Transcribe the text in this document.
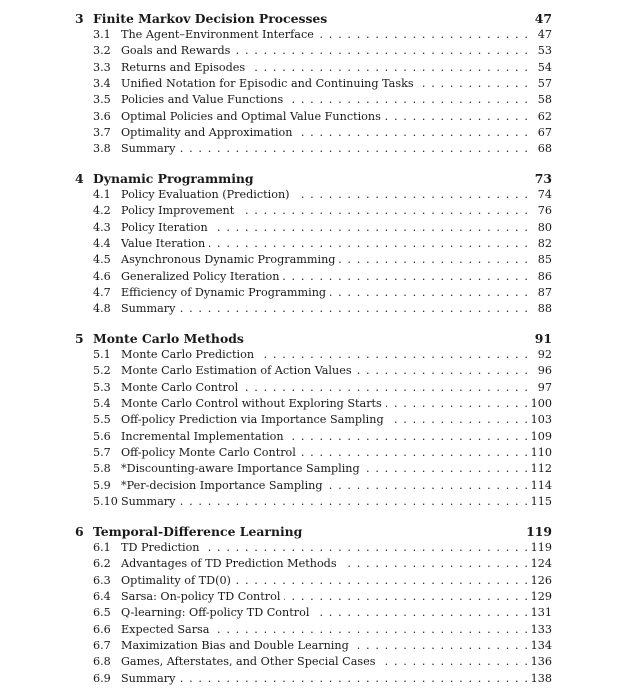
3 Finite Markov Decision Processes	47
3.1 The Agent–Environment Interface . . .	47
3.2 Goals and Rewards . . .	53
3.3 Returns and Episodes . . .	54
3.4 Unified Notation for Episodic and Continuing Tasks . . .	57
3.5 Policies and Value Functions . . .	58
3.6 Optimal Policies and Optimal Value Functions . . .	62
3.7 Optimality and Approximation . . .	67
3.8 Summary . . .	68
4 Dynamic Programming	73
4.1 Policy Evaluation (Prediction) . . .	74
4.2 Policy Improvement . . .	76
4.3 Policy Iteration . . .	80
4.4 Value Iteration . . .	82
4.5 Asynchronous Dynamic Programming . . .	85
4.6 Generalized Policy Iteration . . .	86
4.7 Efficiency of Dynamic Programming . . .	87
4.8 Summary . . .	88
5 Monte Carlo Methods	91
5.1 Monte Carlo Prediction . . .	92
5.2 Monte Carlo Estimation of Action Values . . .	96
5.3 Monte Carlo Control . . .	97
5.4 Monte Carlo Control without Exploring Starts . . .	100
5.5 Off-policy Prediction via Importance Sampling . . .	103
5.6 Incremental Implementation . . .	109
5.7 Off-policy Monte Carlo Control . . .	110
5.8 *Discounting-aware Importance Sampling . . .	112
5.9 *Per-decision Importance Sampling . . .	114
5.10 Summary . . .	115
6 Temporal-Difference Learning	119
6.1 TD Prediction . . .	119
6.2 Advantages of TD Prediction Methods . . .	124
6.3 Optimality of TD(0) . . .	126
6.4 Sarsa: On-policy TD Control . . .	129
6.5 Q-learning: Off-policy TD Control . . .	131
6.6 Expected Sarsa . . .	133
6.7 Maximization Bias and Double Learning . . .	134
6.8 Games, Afterstates, and Other Special Cases . . .	136
6.9 Summary . . .	138
